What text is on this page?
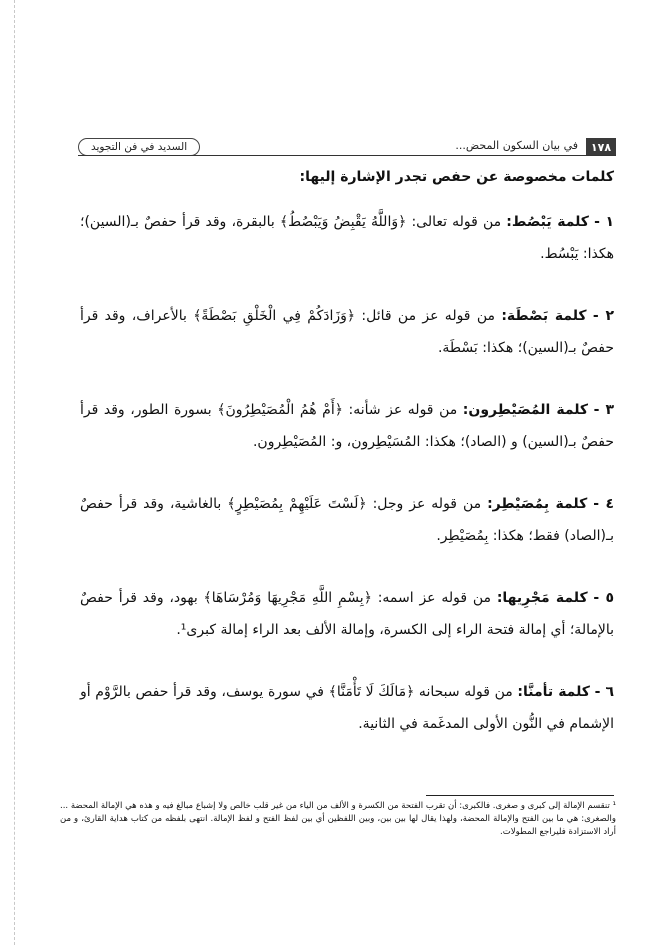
١٧٨
في بيان السكون المحض...
السديد في فن التجويد
كلمات مخصوصة عن حفص تجدر الإشارة إليها:
١ - كلمة يَبْصُط: من قوله تعالى: ﴿وَاللَّهُ يَقْبِضُ وَيَبْصُطُ﴾ بالبقرة، وقد قرأ حفصٌ بـ(السين)؛ هكذا: يَبْسُط.
٢ - كلمة بَصْطَة: من قوله عز من قائل: ﴿وَزَادَكُمْ فِي الْخَلْقِ بَصْطَةً﴾ بالأعراف، وقد قرأ حفصٌ بـ(السين)؛ هكذا: بَسْطَة.
٣ - كلمة المُصَيْطِرون: من قوله عز شأنه: ﴿أَمْ هُمُ الْمُصَيْطِرُونَ﴾ بسورة الطور، وقد قرأ حفصٌ بـ(السين) و (الصاد)؛ هكذا: المُسَيْطِرون، و: المُصَيْطِرون.
٤ - كلمة بِمُصَيْطِر: من قوله عز وجل: ﴿لَسْتَ عَلَيْهِمْ بِمُصَيْطِرٍ﴾ بالغاشية، وقد قرأ حفصٌ بـ(الصاد) فقط؛ هكذا: بِمُصَيْطِر.
٥ - كلمة مَجْرِيها: من قوله عز اسمه: ﴿بِسْمِ اللَّهِ مَجْرِيهَا وَمُرْسَاهَا﴾ بهود، وقد قرأ حفصٌ بالإمالة؛ أي إمالة فتحة الراء إلى الكسرة، وإمالة الألف بعد الراء إمالة كبرى¹.
٦ - كلمة تأمنَّا: من قوله سبحانه ﴿مَالَكَ لَا تَأْمَنَّا﴾ في سورة يوسف، وقد قرأ حفص بالرَّوْم أو الإشمام في النُّون الأولى المدغَمة في الثانية.
¹ تنقسم الإمالة إلى كبرى و صغرى. فالكبرى: أن تقرب الفتحة من الكسرة و الألف من الياء من غير قلب خالص ولا إشباع مبالغ فيه و هذه هي الإمالة المحضة ... والصغرى: هي ما بين الفتح والإمالة المحضة، ولهذا يقال لها بين بين، وبين اللفظين أي بين لفظ الفتح و لفظ الإمالة. انتهى بلفظه من كتاب هداية القارئ، و من أراد الاستزادة فليراجع المطولات.
